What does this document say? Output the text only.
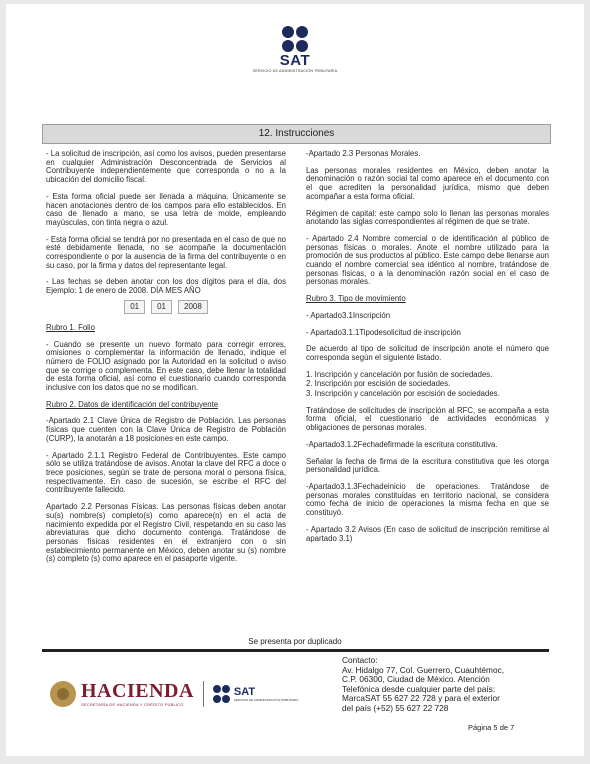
SAT
SERVICIO DE ADMINISTRACIÓN TRIBUTARIA
12. Instrucciones

- La solicitud de inscripción, así como los avisos, pueden presentarse en cualquier Administración Desconcentrada de Servicios al Contribuyente independientemente que corresponda o no a la ubicación del domicilio fiscal.

- Esta forma oficial puede ser llenada a máquina. Únicamente se hacen anotaciones dentro de los campos para ello establecidos. En caso de llenado a mano, se usa letra de molde, empleando mayúsculas, con tinta negra o azul.

- Esta forma oficial se tendrá por no presentada en el caso de que no esté debidamente llenada, no se acompañe la documentación correspondiente o por la ausencia de la firma del contribuyente o en su caso, por la firma y datos del representante legal.

- Las fechas se deben anotar con los dos dígitos para el día, dos Ejemplo: 1 de enero de 2008. DÍA MES AÑO

01	01	2008

Rubro 1. Folio

- Cuando se presente un nuevo formato para corregir errores, omisiones o complementar la información de llenado, indique el número de FOLIO asignado por la Autoridad en la solicitud o aviso que se corrige o complementa. En este caso, debe llenar la totalidad de esta forma oficial, así como el cuestionario cuando corresponda inclusive con los datos que no se modifican.

Rubro 2. Datos de identificación del contribuyente

-Apartado 2.1 Clave Única de Registro de Población. Las personas físicas que cuenten con la Clave Única de Registro de Población (CURP), la anotarán a 18 posiciones en este campo.

- Apartado 2.1.1 Registro Federal de Contribuyentes. Este campo sólo se utiliza tratándose de avisos. Anotar la clave del RFC a doce o trece posiciones, según se trate de persona moral o persona física, respectivamente. En caso de sucesión, se escribe el RFC del contribuyente fallecido.

Apartado 2.2 Personas Físicas. Las personas físicas deben anotar su(s) nombre(s) completo(s) como aparece(n) en el acta de nacimiento expedida por el Registro Civil, respetando en su caso las abreviaturas que dicho documento contenga. Tratándose de personas físicas residentes en el extranjero con o sin establecimiento permanente en México, deben anotar su (s) nombre (s) completo (s) como aparece en el pasaporte vigente.

-Apartado 2.3 Personas Morales.

Las personas morales residentes en México, deben anotar la denominación o razón social tal como aparece en el documento con el que acrediten la personalidad jurídica, mismo que deben acompañar a esta forma oficial.

Régimen de capital: este campo solo lo llenan las personas morales anotando las siglas correspondientes al régimen de que se trate.

- Apartado 2.4 Nombre comercial o de identificación al público de personas físicas o morales. Anote el nombre utilizado para la promoción de sus productos al público. Este campo debe llenarse aun cuando el nombre comercial sea idéntico al nombre, tratándose de personas físicas, o a la denominación razón social en el caso de personas morales.

Rubro 3. Tipo de movimiento

- Apartado3.1Inscripción

- Apartado3.1.1Tipodesolicitud de inscripción

De acuerdo al tipo de solicitud de inscripción anote el número que corresponda según el siguiente listado.

1. Inscripción y cancelación por fusión de sociedades.

2. Inscripción por escisión de sociedades.

3. Inscripción y cancelación por escisión de sociedades.

Tratándose de solicitudes de inscripción al RFC, se acompaña a esta forma oficial, el cuestionario de actividades económicas y obligaciones de personas morales.

-Apartado3.1.2Fechadefirmade la escritura constitutiva.

Señalar la fecha de firma de la escritura constitutiva que les otorga personalidad jurídica.

-Apartado3.1.3Fechadeinicio de operaciones. Tratándose de personas morales constituidas en territorio nacional, se considera como fecha de inicio de operaciones la misma fecha en que se constituyó.

- Apartado 3.2 Avisos (En caso de solicitud de inscripción remitirse al apartado 3.1)

Se presenta por duplicado
HACIENDA
SECRETARÍA DE HACIENDA Y CRÉDITO PÚBLICO
SAT
SERVICIO DE ADMINISTRACIÓN TRIBUTARIA
Contacto:
Av. Hidalgo 77, Col. Guerrero, Cuauhtémoc,
C.P. 06300, Ciudad de México. Atención
Telefónica desde cualquier parte del país:
MarcaSAT 55 627 22 728 y para el exterior
del país (+52) 55 627 22 728
Página 5 de 7
